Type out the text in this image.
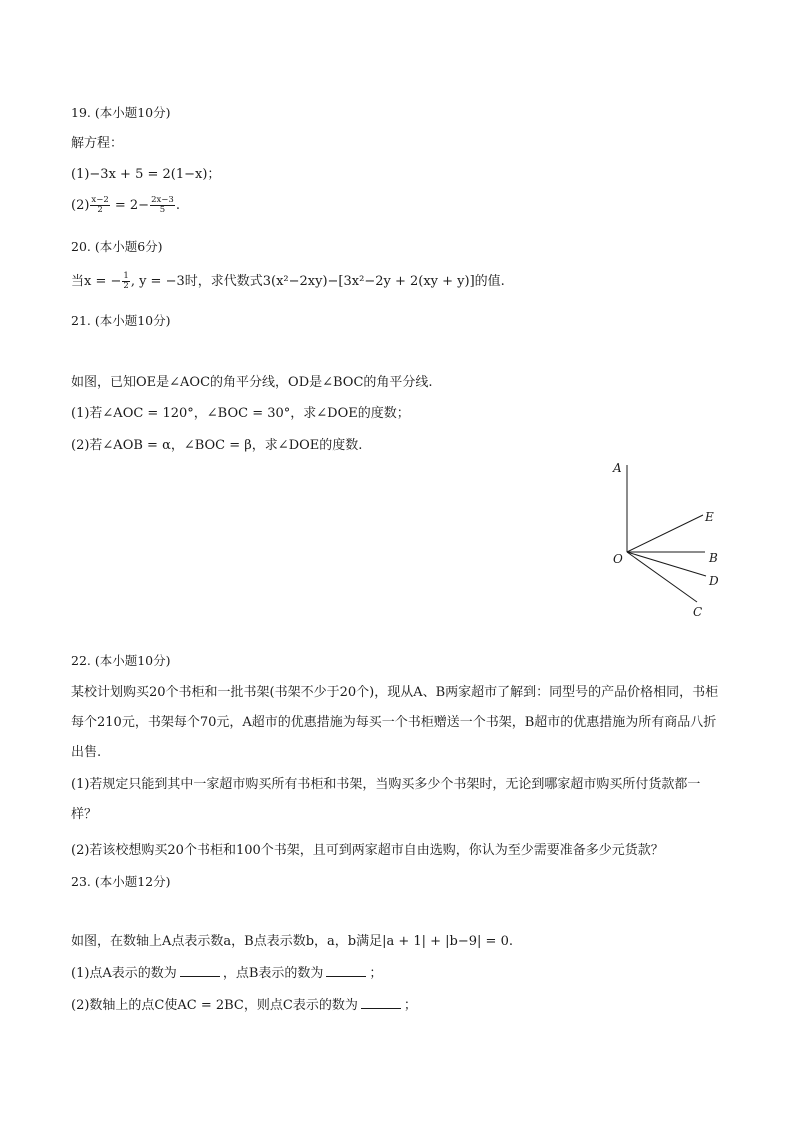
19. (本小题10分)
解方程：
(1)−3x + 5 = 2(1−x)；
$(2) \frac{x-2}{2} = 2- \frac{2x-3}{5}$ .
20. (本小题6分)
当x = − $\frac{1}{2}$ , y = −3时，求代数式3(x²−2xy)−[3x²−2y + 2(xy + y)]的值.
21. (本小题10分)
如图，已知OE是∠AOC的角平分线，OD是∠BOC的角平分线.
(1)若∠AOC = 120°，∠BOC = 30°，求∠DOE的度数；
(2)若∠AOB = α，∠BOC = β，求∠DOE的度数.
A
E
O	B
D
C
22. (本小题10分)
某校计划购买20个书柜和一批书架(书架不少于20个)，现从A、B两家超市了解到：同型号的产品价格相同，书柜每个210元，书架每个70元，A超市的优惠措施为每买一个书柜赠送一个书架，B超市的优惠措施为所有商品八折出售.
(1)若规定只能到其中一家超市购买所有书柜和书架，当购买多少个书架时，无论到哪家超市购买所付货款都一样？
(2)若该校想购买20个书柜和100个书架，且可到两家超市自由选购，你认为至少需要准备多少元货款？
23. (本小题12分)
如图，在数轴上A点表示数a，B点表示数b，a，b满足|a + 1| + |b−9| = 0.
(1)点A表示的数为	，点B表示的数为	；
(2)数轴上的点C使AC = 2BC，则点C表示的数为	；
